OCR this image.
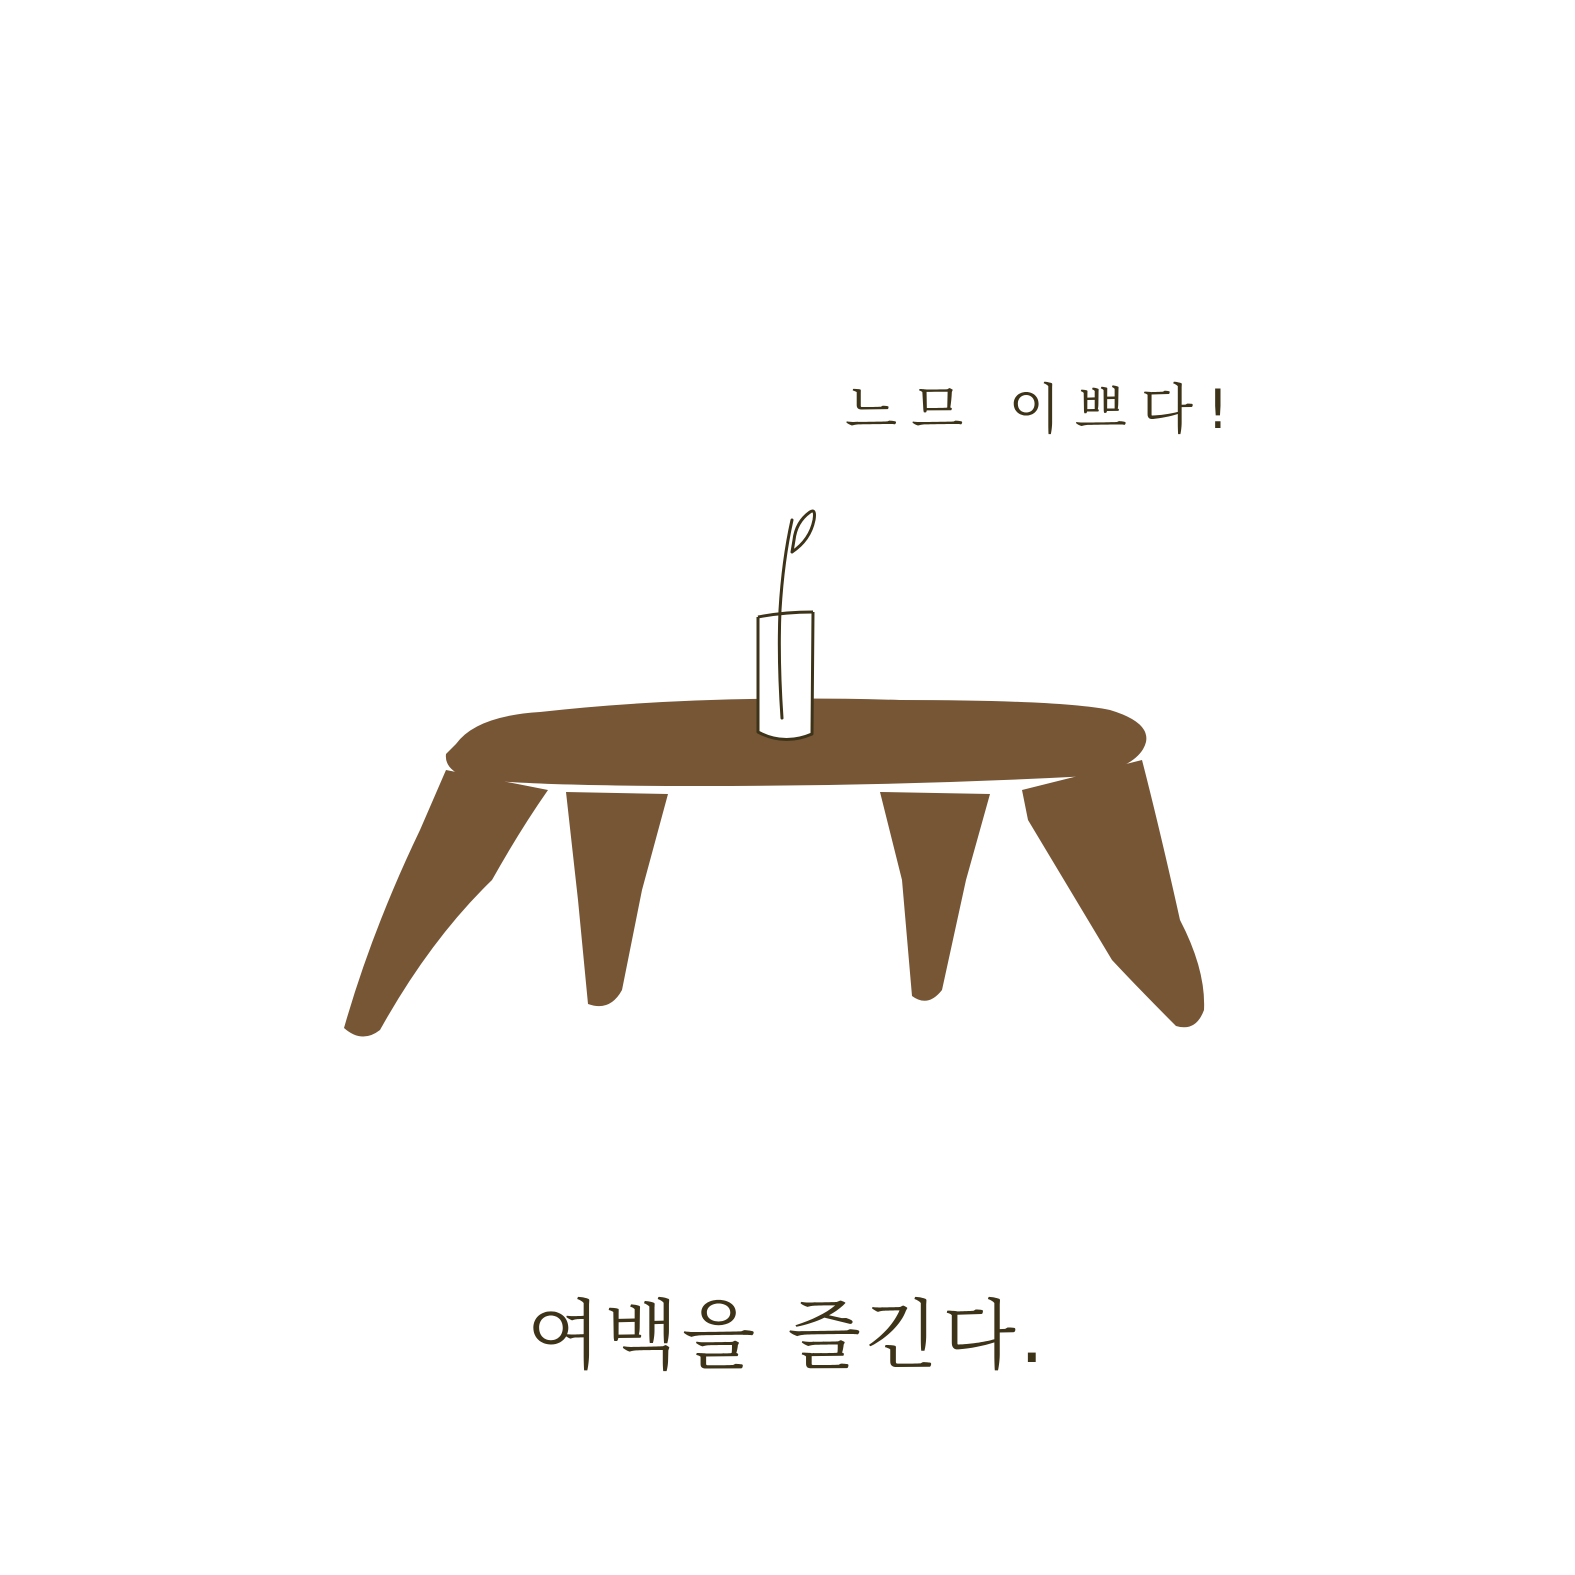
느므 이쁘다!
여백을 즐긴다.
